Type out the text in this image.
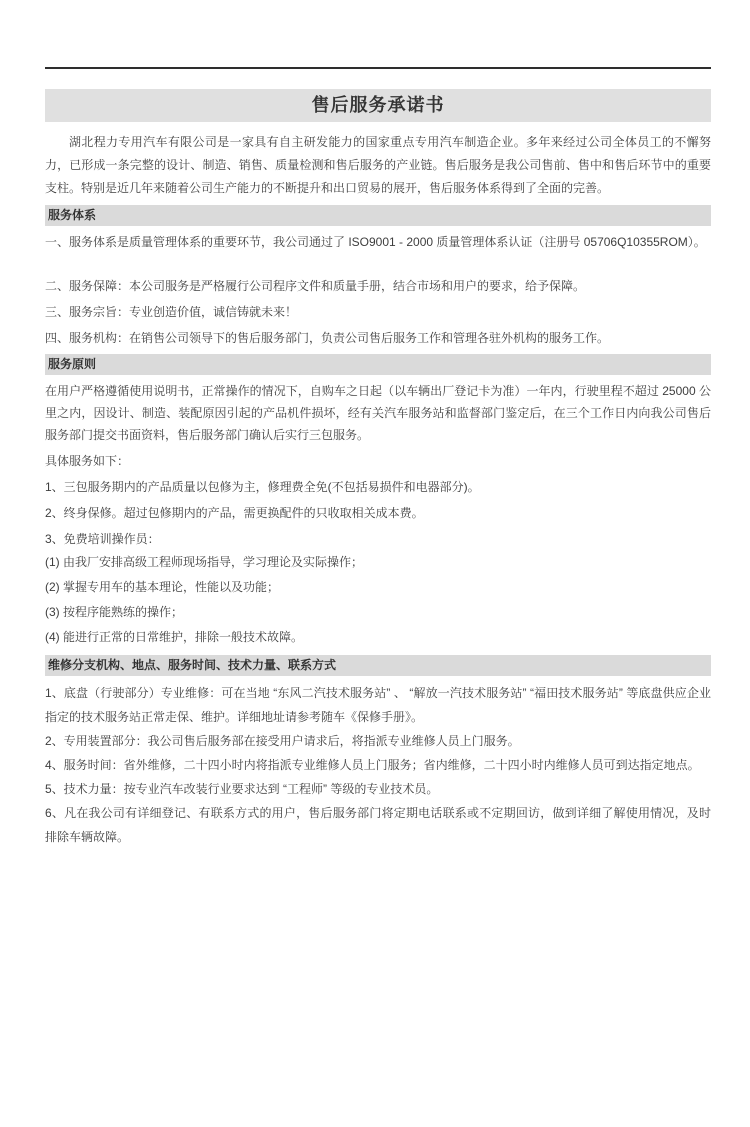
售后服务承诺书

湖北程力专用汽车有限公司是一家具有自主研发能力的国家重点专用汽车制造企业。多年来经过公司全体员工的不懈努力，已形成一条完整的设计、制造、销售、质量检测和售后服务的产业链。售后服务是我公司售前、售中和售后环节中的重要支柱。特别是近几年来随着公司生产能力的不断提升和出口贸易的展开，售后服务体系得到了全面的完善。

服务体系

一、服务体系是质量管理体系的重要环节，我公司通过了 ISO9001 - 2000 质量管理体系认证（注册号 05706Q10355ROM）。

二、服务保障：本公司服务是严格履行公司程序文件和质量手册，结合市场和用户的要求，给予保障。

三、服务宗旨：专业创造价值，诚信铸就未来！

四、服务机构：在销售公司领导下的售后服务部门，负责公司售后服务工作和管理各驻外机构的服务工作。

服务原则

在用户严格遵循使用说明书，正常操作的情况下，自购车之日起（以车辆出厂登记卡为准）一年内，行驶里程不超过 25000 公里之内，因设计、制造、装配原因引起的产品机件损坏，经有关汽车服务站和监督部门鉴定后，在三个工作日内向我公司售后服务部门提交书面资料，售后服务部门确认后实行三包服务。

具体服务如下：

1、三包服务期内的产品质量以包修为主，修理费全免(不包括易损件和电器部分)。

2、终身保修。超过包修期内的产品，需更换配件的只收取相关成本费。

3、免费培训操作员：

(1) 由我厂安排高级工程师现场指导，学习理论及实际操作；

(2) 掌握专用车的基本理论，性能以及功能；

(3) 按程序能熟练的操作；

(4) 能进行正常的日常维护，排除一般技术故障。

维修分支机构、地点、服务时间、技术力量、联系方式

1、底盘（行驶部分）专业维修：可在当地 “东风二汽技术服务站” 、 “解放一汽技术服务站” “福田技术服务站” 等底盘供应企业指定的技术服务站正常走保、维护。详细地址请参考随车《保修手册》。

2、专用装置部分：我公司售后服务部在接受用户请求后，将指派专业维修人员上门服务。

4、服务时间：省外维修，二十四小时内将指派专业维修人员上门服务；省内维修，二十四小时内维修人员可到达指定地点。

5、技术力量：按专业汽车改装行业要求达到 “工程师” 等级的专业技术员。

6、凡在我公司有详细登记、有联系方式的用户，售后服务部门将定期电话联系或不定期回访，做到详细了解使用情况，及时排除车辆故障。
